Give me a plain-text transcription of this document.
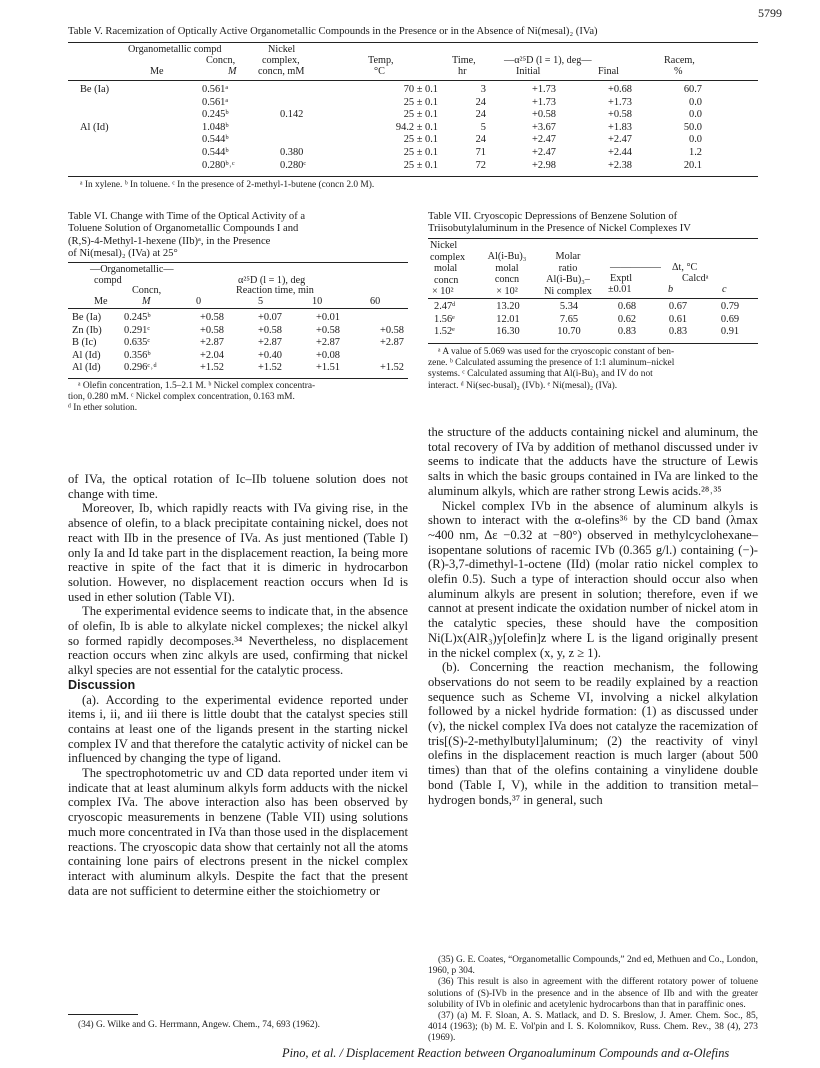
5799
Table V. Racemization of Optically Active Organometallic Compounds in the Presence or in the Absence of Ni(mesal)₂ (IVa)
Organometallic compd	Nickel
Concn,	complex,	Temp,	Time,	—α²⁵D (l = 1), deg—	Racem,
Me	M concn, mM	°C	hr	Initial	Final	%
Be (Ia)	0.561ᵃ		70 ± 0.1	3	+1.73	+0.68	60.7	
	0.561ᵃ		25 ± 0.1	24	+1.73	+1.73	0.0	
	0.245ᵇ	0.142	25 ± 0.1	24	+0.58	+0.58	0.0	
Al (Id)	1.048ᵇ		94.2 ± 0.1	5	+3.67	+1.83	50.0	
	0.544ᵇ		25 ± 0.1	24	+2.47	+2.47	0.0	
	0.544ᵇ	0.380	25 ± 0.1	71	+2.47	+2.44	1.2	
	0.280ᵇ˒ᶜ	0.280ᶜ	25 ± 0.1	72	+2.98	+2.38	20.1	
ᵃ In xylene. ᵇ In toluene. ᶜ In the presence of 2-methyl-1-butene (concn 2.0 M).
Table VI. Change with Time of the Optical Activity of a
Toluene Solution of Organometallic Compounds I and
(R,S)-4-Methyl-1-hexene (IIb)ᵃ, in the Presence
of Ni(mesal)₂ (IVa) at 25°
—Organometallic—
compd	α²⁵D (l = 1), deg
Concn,	Reaction time, min
Me	M	0	5	10	60
Be (Ia)	0.245ᵇ	+0.58	+0.07	+0.01	
Zn (Ib)	0.291ᶜ	+0.58	+0.58	+0.58	+0.58
B (Ic)	0.635ᶜ	+2.87	+2.87	+2.87	+2.87
Al (Id)	0.356ᵇ	+2.04	+0.40	+0.08	
Al (Id)	0.296ᶜ˒ᵈ	+1.52	+1.52	+1.51	+1.52
ᵃ Olefin concentration, 1.5–2.1 M. ᵇ Nickel complex concentra-
tion, 0.280 mM. ᶜ Nickel complex concentration, 0.163 mM.
ᵈ In ether solution.
Table VII. Cryoscopic Depressions of Benzene Solution of
Triisobutylaluminum in the Presence of Nickel Complexes IV
Nickel
complex
molal
concn
× 10²
Al(i-Bu)₃
molal
concn
× 10²
Molar
ratio
Al(i-Bu)₃–
Ni complex
————— Δt, °C
Exptl	Calcdᵃ
±0.01	b	c
2.47ᵈ	13.20	5.34	0.68	0.67	0.79
1.56ᵉ	12.01	7.65	0.62	0.61	0.69
1.52ᵉ	16.30	10.70	0.83	0.83	0.91
ᵃ A value of 5.069 was used for the cryoscopic constant of ben-
zene. ᵇ Calculated assuming the presence of 1:1 aluminum–nickel
systems. ᶜ Calculated assuming that Al(i-Bu)₃ and IV do not
interact. ᵈ Ni(sec-busal)₂ (IVb). ᵉ Ni(mesal)₂ (IVa).

of IVa, the optical rotation of Ic–IIb toluene solution does not change with time.

Moreover, Ib, which rapidly reacts with IVa giving rise, in the absence of olefin, to a black precipitate containing nickel, does not react with IIb in the presence of IVa. As just mentioned (Table I) only Ia and Id take part in the displacement reaction, Ia being more reactive in spite of the fact that it is dimeric in hydrocarbon solution. However, no displacement reaction occurs when Id is used in ether solution (Table VI).

The experimental evidence seems to indicate that, in the absence of olefin, Ib is able to alkylate nickel complexes; the nickel alkyl so formed rapidly decomposes.³⁴ Nevertheless, no displacement reaction occurs when zinc alkyls are used, confirming that nickel alkyl species are not essential for the catalytic process.

Discussion

(a). According to the experimental evidence reported under items i, ii, and iii there is little doubt that the catalyst species still contains at least one of the ligands present in the starting nickel complex IV and that therefore the catalytic activity of nickel can be influenced by changing the type of ligand.

The spectrophotometric uv and CD data reported under item vi indicate that at least aluminum alkyls form adducts with the nickel complex IVa. The above interaction also has been observed by cryoscopic measurements in benzene (Table VII) using solutions much more concentrated in IVa than those used in the displacement reactions. The cryoscopic data show that certainly not all the atoms containing lone pairs of electrons present in the nickel complex interact with aluminum alkyls. Despite the fact that the present data are not sufficient to determine either the stoichiometry or

(34) G. Wilke and G. Herrmann, Angew. Chem., 74, 693 (1962).

the structure of the adducts containing nickel and aluminum, the total recovery of IVa by addition of methanol discussed under iv seems to indicate that the adducts have the structure of Lewis salts in which the basic groups contained in IVa are linked to the aluminum alkyls, which are rather strong Lewis acids.²⁸˒³⁵

Nickel complex IVb in the absence of aluminum alkyls is shown to interact with the α-olefins³⁶ by the CD band (λmax ~400 nm, Δε −0.32 at −80°) observed in methylcyclohexane–isopentane solutions of racemic IVb (0.365 g/l.) containing (−)-(R)-3,7-dimethyl-1-octene (IId) (molar ratio nickel complex to olefin 0.5). Such a type of interaction should occur also when aluminum alkyls are present in solution; therefore, even if we cannot at present indicate the oxidation number of nickel atom in the catalytic species, these should have the composition Ni(L)x(AlR₃)y[olefin]z where L is the ligand originally present in the nickel complex (x, y, z ≥ 1).

(b). Concerning the reaction mechanism, the following observations do not seem to be readily explained by a reaction sequence such as Scheme VI, involving a nickel alkylation followed by a nickel hydride formation: (1) as discussed under (v), the nickel complex IVa does not catalyze the racemization of tris[(S)-2-methylbutyl]aluminum; (2) the reactivity of vinyl olefins in the displacement reaction is much larger (about 500 times) than that of the olefins containing a vinylidene double bond (Table I, V), while in the addition to transition metal–hydrogen bonds,³⁷ in general, such

(35) G. E. Coates, “Organometallic Compounds,” 2nd ed, Methuen and Co., London, 1960, p 304.

(36) This result is also in agreement with the different rotatory power of toluene solutions of (S)-IVb in the presence and in the absence of IIb and with the greater solubility of IVb in olefinic and acetylenic hydrocarbons than that in paraffinic ones.

(37) (a) M. F. Sloan, A. S. Matlack, and D. S. Breslow, J. Amer. Chem. Soc., 85, 4014 (1963); (b) M. E. Vol'pin and I. S. Kolomnikov, Russ. Chem. Rev., 38 (4), 273 (1969).

Pino, et al. / Displacement Reaction between Organoaluminum Compounds and α-Olefins
